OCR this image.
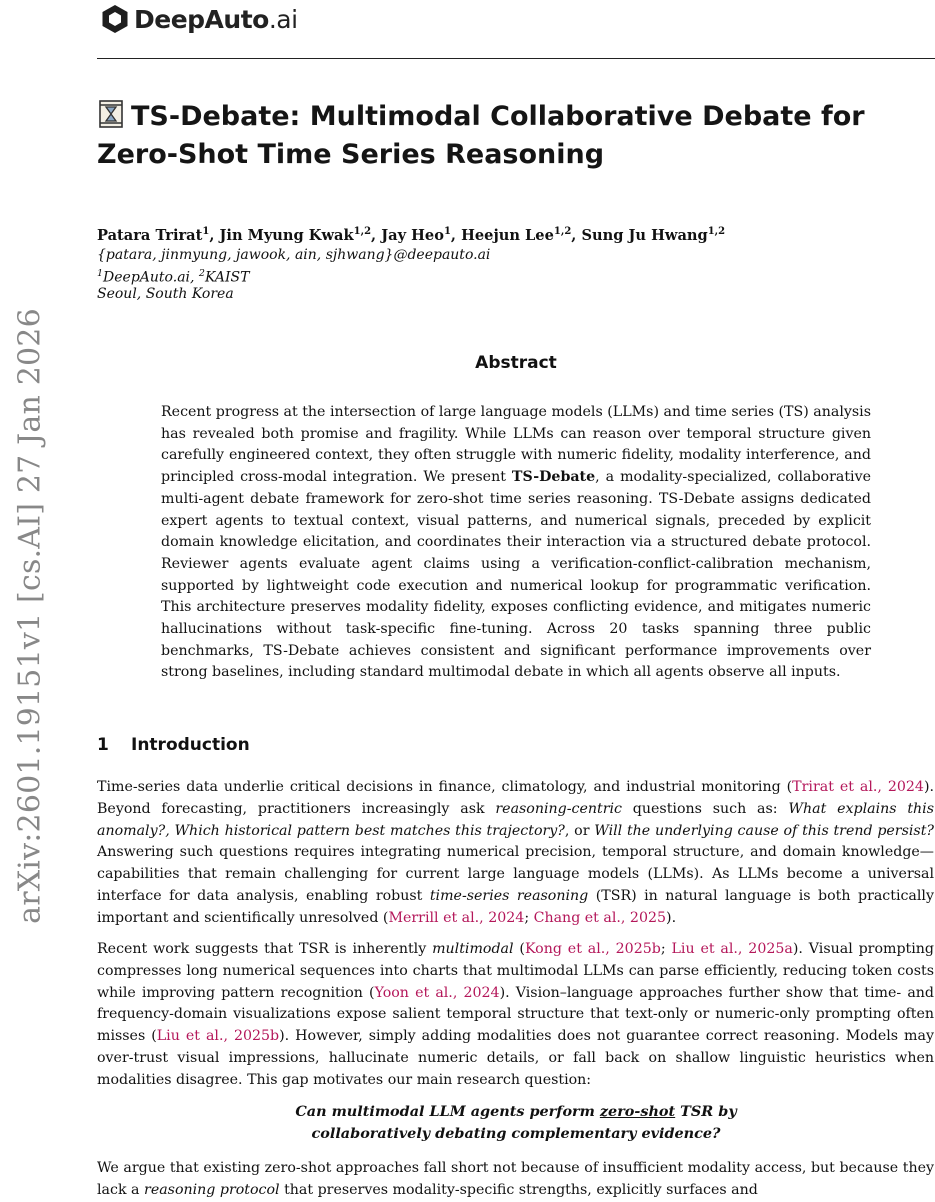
DeepAuto.ai
arXiv:2601.19151v1 [cs.AI] 27 Jan 2026
TS-Debate: Multimodal Collaborative Debate for Zero-Shot Time Series Reasoning
Patara Trirat$^1$, Jin Myung Kwak$^{1,2}$, Jay Heo$^1$, Heejun Lee$^{1,2}$, Sung Ju Hwang$^{1,2}$
{patara, jinmyung, jawook, ain, sjhwang}@deepauto.ai
$^1$DeepAuto.ai, $^2$KAIST
Seoul, South Korea
Abstract

Recent progress at the intersection of large language models (LLMs) and time series (TS) analysis has revealed both promise and fragility. While LLMs can reason over temporal structure given carefully engineered context, they often struggle with numeric fidelity, modality interference, and principled cross-modal integration. We present TS-Debate, a modality-specialized, collaborative multi-agent debate framework for zero-shot time series reasoning. TS-Debate assigns dedicated expert agents to textual context, visual patterns, and numerical signals, preceded by explicit domain knowledge elicitation, and coordinates their interaction via a structured debate protocol. Reviewer agents evaluate agent claims using a verification-conflict-calibration mechanism, supported by lightweight code execution and numerical lookup for programmatic verification. This architecture preserves modality fidelity, exposes conflicting evidence, and mitigates numeric hallucinations without task-specific fine-tuning. Across 20 tasks spanning three public benchmarks, TS-Debate achieves consistent and significant performance improvements over strong baselines, including standard multimodal debate in which all agents observe all inputs.

1 Introduction

Time-series data underlie critical decisions in finance, climatology, and industrial monitoring (Trirat et al., 2024). Beyond forecasting, practitioners increasingly ask reasoning-centric questions such as: What explains this anomaly?, Which historical pattern best matches this trajectory?, or Will the underlying cause of this trend persist? Answering such questions requires integrating numerical precision, temporal structure, and domain knowledge—capabilities that remain challenging for current large language models (LLMs). As LLMs become a universal interface for data analysis, enabling robust time-series reasoning (TSR) in natural language is both practically important and scientifically unresolved (Merrill et al., 2024; Chang et al., 2025).

Recent work suggests that TSR is inherently multimodal (Kong et al., 2025b; Liu et al., 2025a). Visual prompting compresses long numerical sequences into charts that multimodal LLMs can parse efficiently, reducing token costs while improving pattern recognition (Yoon et al., 2024). Vision–language approaches further show that time- and frequency-domain visualizations expose salient temporal structure that text-only or numeric-only prompting often misses (Liu et al., 2025b). However, simply adding modalities does not guarantee correct reasoning. Models may over-trust visual impressions, hallucinate numeric details, or fall back on shallow linguistic heuristics when modalities disagree. This gap motivates our main research question:

Can multimodal LLM agents perform zero-shot TSR by
collaboratively debating complementary evidence?

We argue that existing zero-shot approaches fall short not because of insufficient modality access, but because they lack a reasoning protocol that preserves modality-specific strengths, explicitly surfaces and
